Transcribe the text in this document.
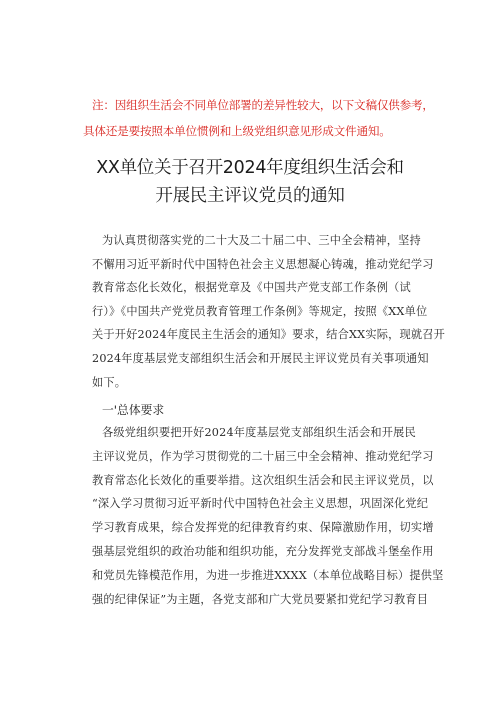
注：因组织生活会不同单位部署的差异性较大，以下文稿仅供参考，

具体还是要按照本单位惯例和上级党组织意见形成文件通知。

XX单位关于召开2024年度组织生活会和

开展民主评议党员的通知

为认真贯彻落实党的二十大及二十届二中、三中全会精神，坚持

不懈用习近平新时代中国特色社会主义思想凝心铸魂，推动党纪学习

教育常态化长效化，根据党章及《中国共产党支部工作条例（试

行）》《中国共产党党员教育管理工作条例》等规定，按照《XX单位

关于开好2024年度民主生活会的通知》要求，结合XX实际，现就召开

2024年度基层党支部组织生活会和开展民主评议党员有关事项通知

如下。

一'总体要求

各级党组织要把开好2024年度基层党支部组织生活会和开展民

主评议党员，作为学习贯彻党的二十届三中全会精神、推动党纪学习

教育常态化长效化的重要举措。这次组织生活会和民主评议党员，以

“深入学习贯彻习近平新时代中国特色社会主义思想，巩固深化党纪

学习教育成果，综合发挥党的纪律教育约束、保障激励作用，切实增

强基层党组织的政治功能和组织功能，充分发挥党支部战斗堡垒作用

和党员先锋模范作用，为进一步推进XXXX（本单位战略目标）提供坚

强的纪律保证”为主题，各党支部和广大党员要紧扣党纪学习教育目
